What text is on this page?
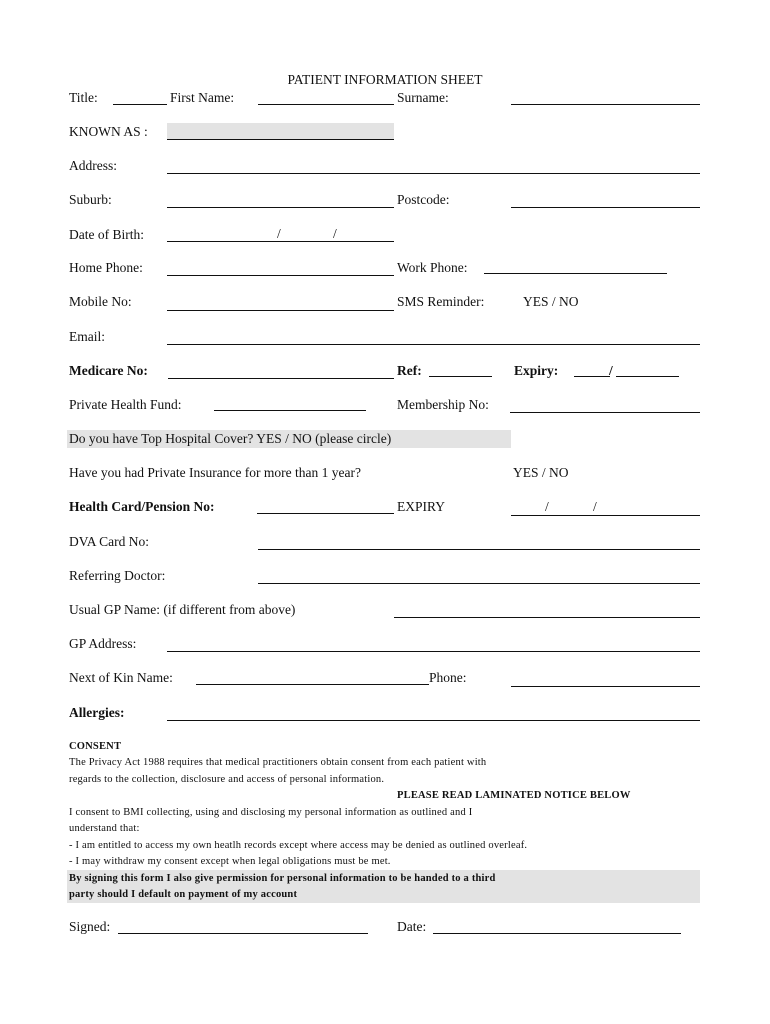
PATIENT INFORMATION SHEET
Title:	First Name:	Surname:
KNOWN AS :
Address:
Suburb:	Postcode:
Date of Birth:	/	/
Home Phone:	Work Phone:
Mobile No:	SMS Reminder:	YES / NO
Email:
Medicare No:	Ref:	Expiry:	/
Private Health Fund:	Membership No:
Do you have Top Hospital Cover? YES / NO (please circle)
Have you had Private Insurance for more than 1 year?	YES / NO
Health Card/Pension No:	EXPIRY	/	/
DVA Card No:
Referring Doctor:
Usual GP Name: (if different from above)
GP Address:
Next of Kin Name:	Phone:
Allergies:
CONSENT
The Privacy Act 1988 requires that medical practitioners obtain consent from each patient with
regards to the collection, disclosure and access of personal information.
PLEASE READ LAMINATED NOTICE BELOW
I consent to BMI collecting, using and disclosing my personal information as outlined and I
understand that:
- I am entitled to access my own heatlh records except where access may be denied as outlined overleaf.
- I may withdraw my consent except when legal obligations must be met.
By signing this form I also give permission for personal information to be handed to a third
party should I default on payment of my account
Signed:	Date:
